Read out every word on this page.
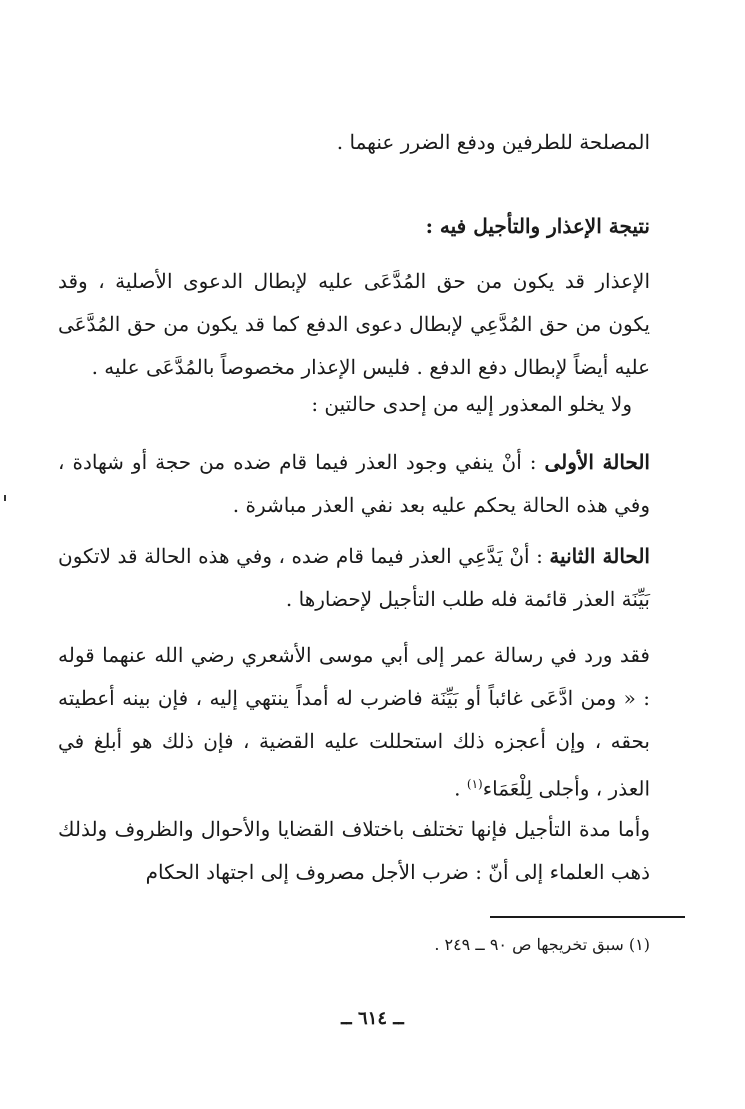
المصلحة للطرفين ودفع الضرر عنهما .
نتيجة الإعذار والتأجيل فيه :
الإعذار قد يكون من حق المُدَّعَى عليه لإبطال الدعوى الأصلية ، وقد يكون من حق المُدَّعِي لإبطال دعوى الدفع كما قد يكون من حق المُدَّعَى عليه أيضاً لإبطال دفع الدفع . فليس الإعذار مخصوصاً بالمُدَّعَى عليه .
ولا يخلو المعذور إليه من إحدى حالتين :
الحالة الأولى : أنْ ينفي وجود العذر فيما قام ضده من حجة أو شهادة ، وفي هذه الحالة يحكم عليه بعد نفي العذر مباشرة .
الحالة الثانية : أنْ يَدَّعِي العذر فيما قام ضده ، وفي هذه الحالة قد لاتكون بَيِّنَة العذر قائمة فله طلب التأجيل لإحضارها .
فقد ورد في رسالة عمر إلى أبي موسى الأشعري رضي الله عنهما قوله : « ومن ادَّعَى غائباً أو بَيِّنَة فاضرب له أمداً ينتهي إليه ، فإن بينه أعطيته بحقه ، وإن أعجزه ذلك استحللت عليه القضية ، فإن ذلك هو أبلغ في العذر ، وأجلى لِلْعَمَاء$^{(١)}$ .
وأما مدة التأجيل فإنها تختلف باختلاف القضايا والأحوال والظروف ولذلك ذهب العلماء إلى أنّ : ضرب الأجل مصروف إلى اجتهاد الحكام
(١) سبق تخريجها ص ٩٠ ــ ٢٤٩ .
ــ ٦١٤ ــ
